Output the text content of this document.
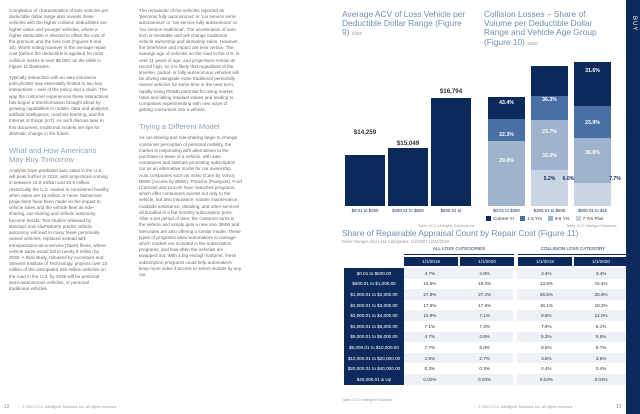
Completion of characteristics of loss vehicles per deductible dollar range also reveals these vehicles with the higher collision deductibles are higher value and younger vehicles, where a higher deductible is elected to offset the cost of the premium and the loss cost (Figures 9 and 10). Worth noting however is the average repair cost (before the deductible is applied) for most collision losses is over $5,000, as the table in Figure 11 illustrates.

Typically interaction with an auto insurance policyholder was essentially limited to two key interactions – sale of the policy and a claim. The way the customer experiences these interactions has begun a transformation brought about by growing capabilities in mobile, data and analytics, artificial intelligence, machine learning, and the Internet of things (IoT). As we'll discuss later in this document, traditional models are ripe for dramatic change in the future.

What and How Americans May Buy Tomorrow

Analysts have predicted auto sales in the U.S. will peak further in 2018, with projections coming in between 16.9 million and 16.9 million. Historically the U.S. market is considered healthy when sales are 15 million or more. Numerous projections have been made on the impact to vehicle sales and the vehicle fleet as ride-sharing, car-sharing and vehicle autonomy become trends. Two studies released by Barclays and AlixPartners predict vehicle autonomy will lead to many fewer personally-owned vehicles, replaced instead with transportation-as-a-service (TaaS) fleets, where vehicle sales would fall to nearly 9 million by 2030. A third study, released by Accenture and Stevens Institute of Technology, projects over 23 million of the anticipated 260 million vehicles on the road in the U.S. by 2035 will be personal semi-autonomous vehicles, or personal traditional vehicles.

The remainder of the vehicles reported as 'personal fully autonomous' or 'car service semi-autonomous' or 'car service fully autonomous' or 'car service traditional'. The acceleration of auto tech is inevitable and will change traditional vehicle ownership and ultimately sales. However, the timeframe and impact are less certain. The average age of vehicles on the road in the U.S. is over 11 years of age, and projections remain at record high, so it is likely that regardless of the timeline, partial- or fully-autonomous vehicles will be driving alongside more traditional personally owned vehicles for some time in the near term, rapidly rising PD&BI potential for rising market rates and falling residual values and leading to companies experimenting with new ways of getting consumers into a vehicle.

Trying a Different Model

As car-sharing and ride-sharing begin to change consumer perception of personal mobility, the market is responding with alternatives to the purchase or lease of a vehicle, with auto companies and startups promoting subscription car as an alternative model for car ownership. Auto companies such as Volvo (Care by Volvo), BMW (Access by BMW), Porsche (Passport), Ford (Canvas) and Lincoln have launched programs, which offer consumers access not only to the vehicle, but also insurance, routine maintenance, roadside assistance, detailing, and other services all bundled in a flat monthly subscription price. After a set period of time, the customer turns in the vehicle and simply gets a new one. BMW and Mercedes are also offering a similar model. These types of programs allow automakers to manage which models are included in the subscription programs, and how often the vehicles are swapped out. With a big enough footprint, these subscription programs could help automakers keep more sales if access to select models by any car.

Average ACV of Loss Vehicle per Deductible Dollar Range (Figure 9) 2020
$14,259
$15,049
$16,794
$0.01 to $250	$250.01 to $500	$500.01 to
Table: CCC Intelligent Solutions Inc.
Collision Losses – Share of Volume per Deductible Dollar Range and Vehicle Age Group (Figure 10) 2020
29.0%
22.3%
43.4%
5.2%
32.0%
23.7%
36.3%
6.0%	7.7%
36.8%
23.9%
31.6%
$0.01 to $250	$250.01 to $500	$500.01 to $1k
Current Yr	1-5 Yrs	6-6 Yrs	7 Yrs Plus
Table: CCC Intelligent Solutions
Share of Repairable Appraisal Count by Repair Cost (Figure 11)
Dollar Ranges and Loss Categories: 1/1/2020-12/31/2020
ALL LOSS CATEGORIES	COLLISION LOSS CATEGORY
1/1/2019	1/1/2020	1/1/2019	1/1/2020
$0.01 to $500.00	4.7%	4.8%	3.4%	3.4%
$500.01 to $1,000.00	16.5%	16.0%	13.9%	15.4%
$1,000.01 to $2,000.00	27.9%	27.4%	26.5%	25.9%
$2,000.01 to $3,000.00	17.6%	17.6%	18.1%	18.2%
$3,000.01 to $4,000.00	10.9%	7.1%	9.8%	12.0%
$4,000.01 to $5,000.00	7.1%	7.3%	7.9%	8.1%
$5,000.01 to $6,000.00	4.7%	4.8%	5.3%	5.5%
$6,000.01 to $10,000.00	7.7%	8.0%	9.5%	9.7%
$10,000.01 to $20,000.00	2.6%	2.7%	3.5%	3.6%
$20,000.01 to $40,000.00	0.3%	0.3%	0.4%	0.4%
$40,000.01 & Up	0.02%	0.03%	0.03%	0.03%
Table: CCC Intelligent Solutions
12	© 2021 CCC Intelligent Solutions Inc. All rights reserved.	© 2021 CCC Intelligent Solutions Inc. All rights reserved.	13
BUY
